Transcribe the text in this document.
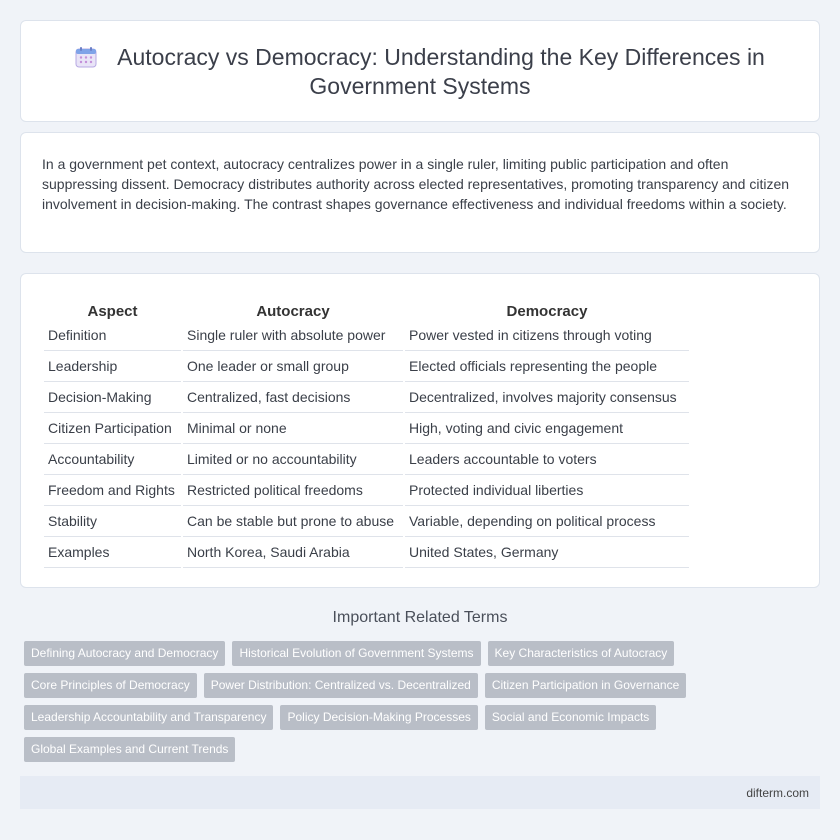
Autocracy vs Democracy: Understanding the Key Differences in Government Systems

In a government pet context, autocracy centralizes power in a single ruler, limiting public participation and often suppressing dissent. Democracy distributes authority across elected representatives, promoting transparency and citizen involvement in decision-making. The contrast shapes governance effectiveness and individual freedoms within a society.

Aspect	Autocracy	Democracy
Definition	Single ruler with absolute power	Power vested in citizens through voting
Leadership	One leader or small group	Elected officials representing the people
Decision-Making	Centralized, fast decisions	Decentralized, involves majority consensus
Citizen Participation	Minimal or none	High, voting and civic engagement
Accountability	Limited or no accountability	Leaders accountable to voters
Freedom and Rights	Restricted political freedoms	Protected individual liberties
Stability	Can be stable but prone to abuse	Variable, depending on political process
Examples	North Korea, Saudi Arabia	United States, Germany
Important Related Terms
Defining Autocracy and Democracy Historical Evolution of Government Systems Key Characteristics of Autocracy
Core Principles of Democracy Power Distribution: Centralized vs. Decentralized Citizen Participation in Governance
Leadership Accountability and Transparency Policy Decision-Making Processes Social and Economic Impacts
Global Examples and Current Trends
difterm.com
